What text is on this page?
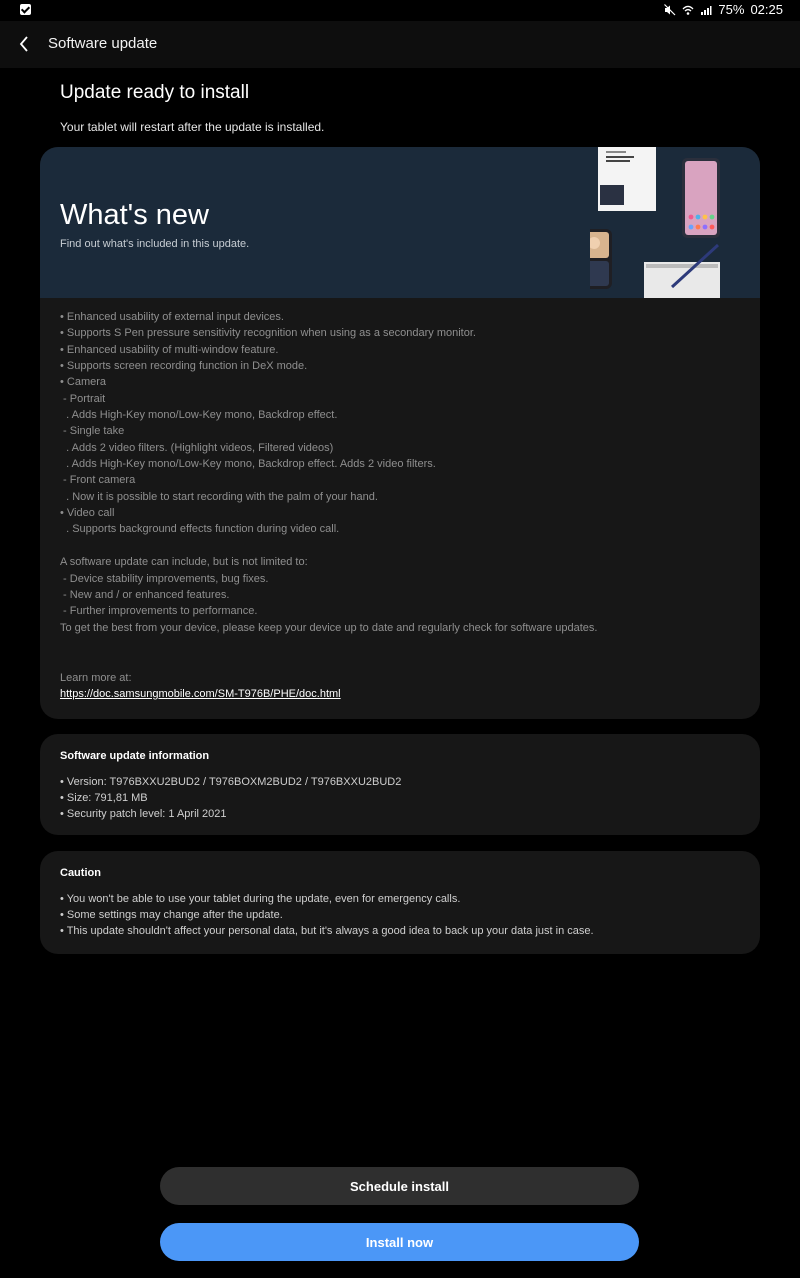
75% 02:25
Software update
Update ready to install
Your tablet will restart after the update is installed.
What's new
Find out what's included in this update.
• Enhanced usability of external input devices.
• Supports S Pen pressure sensitivity recognition when using as a secondary monitor.
• Enhanced usability of multi-window feature.
• Supports screen recording function in DeX mode.
• Camera
- Portrait
. Adds High-Key mono/Low-Key mono, Backdrop effect.
- Single take
. Adds 2 video filters. (Highlight videos, Filtered videos)
. Adds High-Key mono/Low-Key mono, Backdrop effect. Adds 2 video filters.
- Front camera
. Now it is possible to start recording with the palm of your hand.
• Video call
. Supports background effects function during video call.

A software update can include, but is not limited to:
- Device stability improvements, bug fixes.
- New and / or enhanced features.
- Further improvements to performance.
To get the best from your device, please keep your device up to date and regularly check for software updates.
Learn more at:
https://doc.samsungmobile.com/SM-T976B/PHE/doc.html
Software update information
• Version: T976BXXU2BUD2 / T976BOXM2BUD2 / T976BXXU2BUD2
• Size: 791,81 MB
• Security patch level: 1 April 2021
Caution
• You won't be able to use your tablet during the update, even for emergency calls.
• Some settings may change after the update.
• This update shouldn't affect your personal data, but it's always a good idea to back up your data just in case.
Schedule install
Install now
